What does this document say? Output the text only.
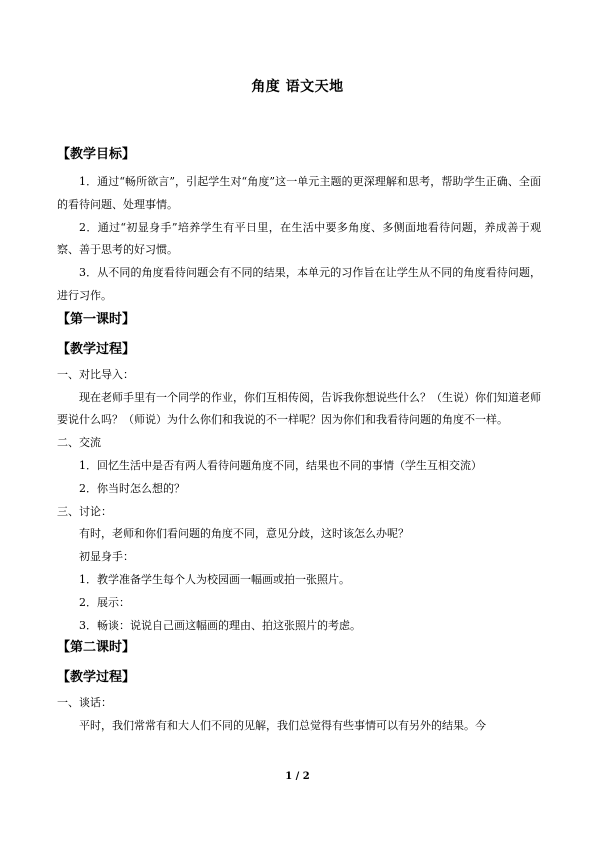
角度 语文天地

【教学目标】

1．通过“畅所欲言”，引起学生对“角度”这一单元主题的更深理解和思考，帮助学生正确、全面的看待问题、处理事情。

2．通过“初显身手”培养学生有平日里，在生活中要多角度、多侧面地看待问题，养成善于观察、善于思考的好习惯。

3．从不同的角度看待问题会有不同的结果，本单元的习作旨在让学生从不同的角度看待问题，进行习作。

【第一课时】

【教学过程】

一、对比导入：

现在老师手里有一个同学的作业，你们互相传阅，告诉我你想说些什么？（生说）你们知道老师要说什么吗？（师说）为什么你们和我说的不一样呢？因为你们和我看待问题的角度不一样。

二、交流

1．回忆生活中是否有两人看待问题角度不同，结果也不同的事情（学生互相交流）

2．你当时怎么想的？

三、讨论：

有时，老师和你们看问题的角度不同，意见分歧，这时该怎么办呢？

初显身手：

1．教学准备学生每个人为校园画一幅画或拍一张照片。

2．展示：

3．畅谈：说说自己画这幅画的理由、拍这张照片的考虑。

【第二课时】

【教学过程】

一、谈话：

平时，我们常常有和大人们不同的见解，我们总觉得有些事情可以有另外的结果。今

1 / 2
